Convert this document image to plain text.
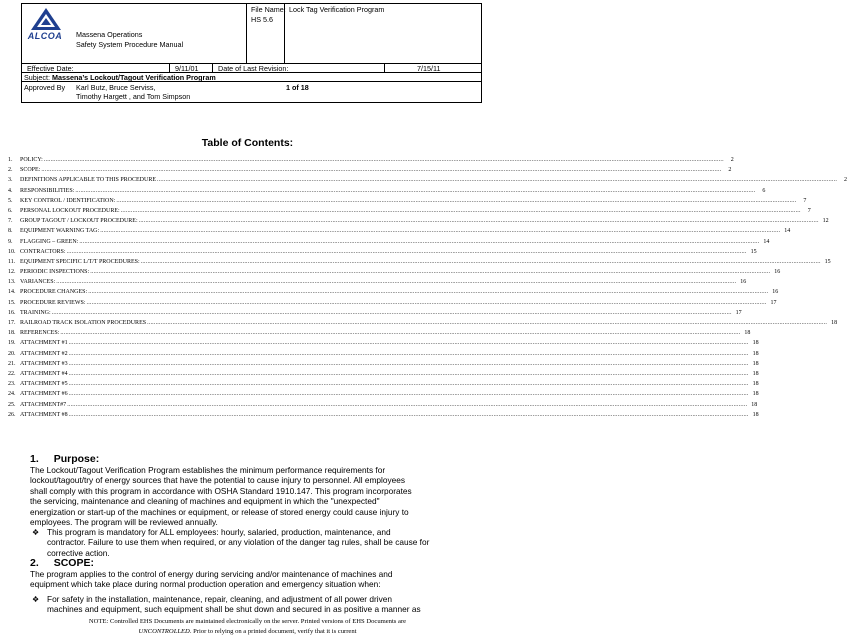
ALCOA	Massena Operations
Safety System Procedure Manual
File Name:
HS 5.6
Lock Tag Verification Program
Effective Date:	9/11/01	Date of Last Revision:	7/15/11
Subject: Massena’s Lockout/Tagout Verification Program
Approved By Karl Butz, Bruce Serviss,
Timothy Hargett , and Tom Simpson
1 of 18
Table of Contents:
1.	POLICY: ................................................................................................................................................................................................................................................................................................................................................................................................................	2
2.	SCOPE: ................................................................................................................................................................................................................................................................................................................................................................................................................	2
3.	DEFINITIONS APPLICABLE TO THIS PROCEDURE ................................................................................................................................................................................................................................................................................................................................................................................................................	2
4.	RESPONSIBILITIES: ................................................................................................................................................................................................................................................................................................................................................................................................................	6
5.	KEY CONTROL / IDENTIFICATION: ................................................................................................................................................................................................................................................................................................................................................................................................................	7
6.	PERSONAL LOCKOUT PROCEDURE: ................................................................................................................................................................................................................................................................................................................................................................................................................	7
7.	GROUP TAGOUT / LOCKOUT PROCEDURE: ................................................................................................................................................................................................................................................................................................................................................................................................................ 12
8.	EQUIPMENT WARNING TAG: ................................................................................................................................................................................................................................................................................................................................................................................................................ 14
9.	FLAGGING – GREEN: ................................................................................................................................................................................................................................................................................................................................................................................................................ 14
10. CONTRACTORS: ................................................................................................................................................................................................................................................................................................................................................................................................................ 15
11. EQUIPMENT SPECIFIC L/T/T PROCEDURES: ................................................................................................................................................................................................................................................................................................................................................................................................................ 15
12. PERIODIC INSPECTIONS: ................................................................................................................................................................................................................................................................................................................................................................................................................ 16
13. VARIANCES: ................................................................................................................................................................................................................................................................................................................................................................................................................ 16
14. PROCEDURE CHANGES: ................................................................................................................................................................................................................................................................................................................................................................................................................ 16
15. PROCEDURE REVIEWS: ................................................................................................................................................................................................................................................................................................................................................................................................................ 17
16. TRAINING: ................................................................................................................................................................................................................................................................................................................................................................................................................ 17
17. RAILROAD TRACK ISOLATION PROCEDURES ................................................................................................................................................................................................................................................................................................................................................................................................................ 18
18. REFERENCES: ................................................................................................................................................................................................................................................................................................................................................................................................................ 18
19. ATTACHMENT #1 ................................................................................................................................................................................................................................................................................................................................................................................................................ 18
20. ATTACHMENT #2 ................................................................................................................................................................................................................................................................................................................................................................................................................ 18
21. ATTACHMENT #3 ................................................................................................................................................................................................................................................................................................................................................................................................................ 18
22. ATTACHMENT #4 ................................................................................................................................................................................................................................................................................................................................................................................................................ 18
23. ATTACHMENT #5 ................................................................................................................................................................................................................................................................................................................................................................................................................ 18
24. ATTACHMENT #6 ................................................................................................................................................................................................................................................................................................................................................................................................................ 18
25. ATTACHMENT#7 ................................................................................................................................................................................................................................................................................................................................................................................................................ 18
26. ATTACHMENT #8 ................................................................................................................................................................................................................................................................................................................................................................................................................ 18
1. Purpose:
The Lockout/Tagout Verification Program establishes the minimum performance requirements for
lockout/tagout/try of energy sources that have the potential to cause injury to personnel. All employees
shall comply with this program in accordance with OSHA Standard 1910.147. This program incorporates
the servicing, maintenance and cleaning of machines and equipment in which the "unexpected"
energization or start-up of the machines or equipment, or release of stored energy could cause injury to
employees. The program will be reviewed annually.
❖ This program is mandatory for ALL employees: hourly, salaried, production, maintenance, and
contractor. Failure to use them when required, or any violation of the danger tag rules, shall be cause for
corrective action.
2. SCOPE:
The program applies to the control of energy during servicing and/or maintenance of machines and
equipment which take place during normal production operation and emergency situation when:
❖ For safety in the installation, maintenance, repair, cleaning, and adjustment of all power driven
machines and equipment, such equipment shall be shut down and secured in as positive a manner as
NOTE: Controlled EHS Documents are maintained electronically on the server. Printed versions of EHS Documents are
UNCONTROLLED. Prior to relying on a printed document, verify that it is current
